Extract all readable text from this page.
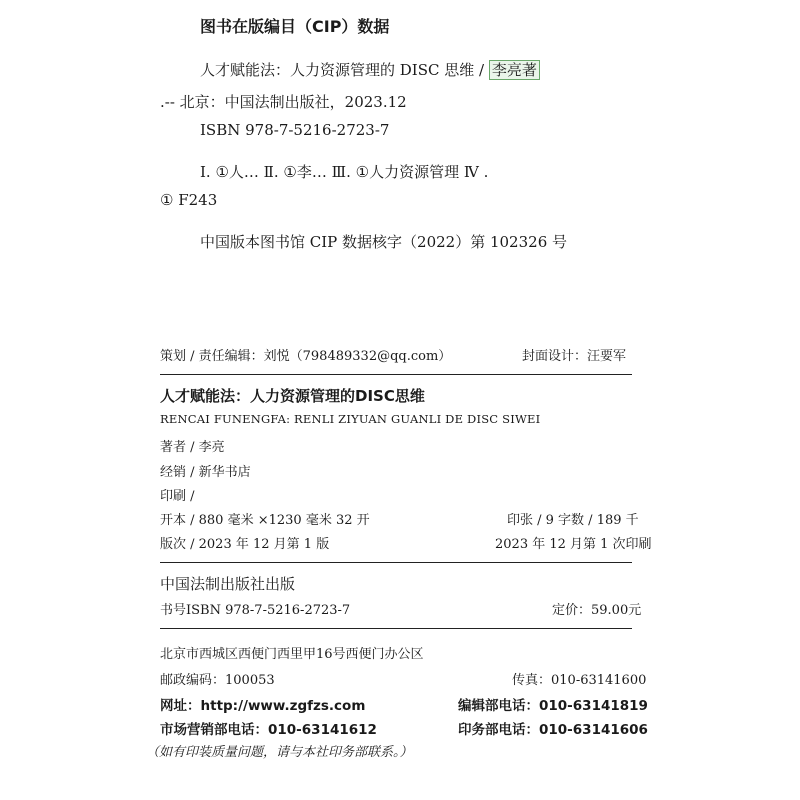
图书在版编目（CIP）数据
人才赋能法：人力资源管理的 DISC 思维 / 李亮著
.-- 北京：中国法制出版社，2023.12
ISBN 978-7-5216-2723-7
Ⅰ. ①人… Ⅱ. ①李… Ⅲ. ①人力资源管理 Ⅳ .
① F243
中国版本图书馆 CIP 数据核字（2022）第 102326 号
策划 / 责任编辑：刘悦（798489332@qq.com）	封面设计：汪要军
人才赋能法：人力资源管理的DISC思维
RENCAI FUNENGFA: RENLI ZIYUAN GUANLI DE DISC SIWEI
著者 / 李亮
经销 / 新华书店
印刷 /
开本 / 880 毫米 ×1230 毫米 32 开	印张 / 9 字数 / 189 千
版次 / 2023 年 12 月第 1 版	2023 年 12 月第 1 次印刷
中国法制出版社出版
书号ISBN 978-7-5216-2723-7	定价：59.00元
北京市西城区西便门西里甲16号西便门办公区
邮政编码：100053	传真：010-63141600
网址：http://www.zgfzs.com	编辑部电话：010-63141819
市场营销部电话：010-63141612	印务部电话：010-63141606
（如有印装质量问题，请与本社印务部联系。）
